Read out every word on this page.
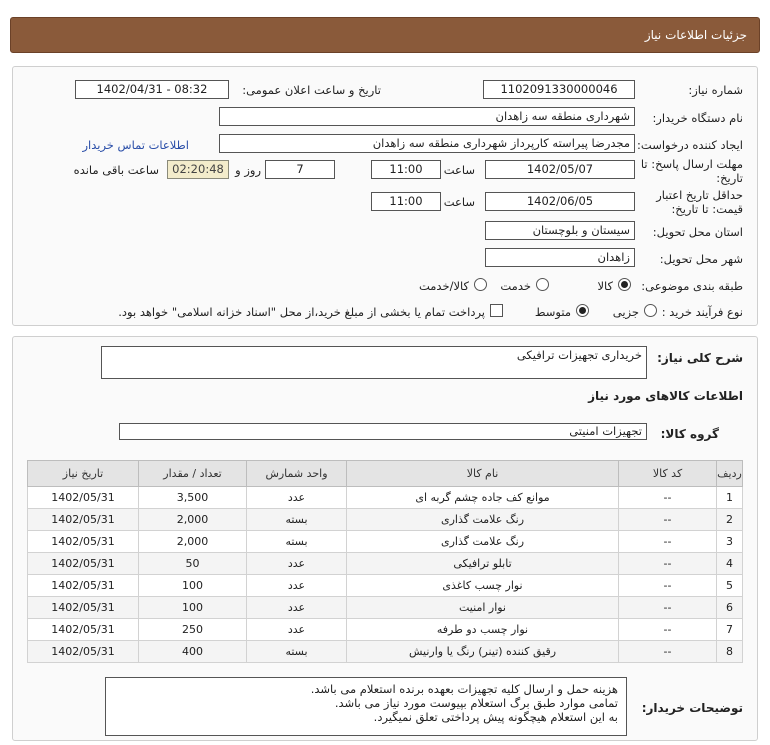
جزئیات اطلاعات نیاز
شماره نیاز:
1102091330000046
تاریخ و ساعت اعلان عمومی:
1402/04/31 - 08:32
نام دستگاه خریدار:
شهرداری منطقه سه زاهدان
ایجاد کننده درخواست:
مجدرضا پیراسته کارپرداز شهرداری منطقه سه زاهدان
اطلاعات تماس خریدار
مهلت ارسال پاسخ: تا
تاریخ:
1402/05/07
ساعت
11:00
7
روز و
02:20:48
ساعت باقی مانده
حداقل تاریخ اعتبار
قیمت: تا تاریخ:
1402/06/05
ساعت
11:00
استان محل تحویل:
سیستان و بلوچستان
شهر محل تحویل:
زاهدان
طبقه بندی موضوعی:
کالا
خدمت
کالا/خدمت
نوع فرآیند خرید :
جزیی
متوسط
پرداخت تمام یا بخشی از مبلغ خرید،از محل "اسناد خزانه اسلامی" خواهد بود.
شرح کلی نیاز:
خریداری تجهیزات ترافیکی
اطلاعات کالاهای مورد نیاز
گروه کالا:
تجهیزات امنیتی
ردیف	کد کالا	نام کالا	واحد شمارش	تعداد / مقدار	تاریخ نیاز
1	--	موانع کف جاده چشم گربه ای	عدد	3,500	1402/05/31
2	--	رنگ علامت گذاری	بسته	2,000	1402/05/31
3	--	رنگ علامت گذاری	بسته	2,000	1402/05/31
4	--	تابلو ترافیکی	عدد	50	1402/05/31
5	--	نوار چسب کاغذی	عدد	100	1402/05/31
6	--	نوار امنیت	عدد	100	1402/05/31
7	--	نوار چسب دو طرفه	عدد	250	1402/05/31
8	--	رقیق کننده (تینر) رنگ یا وارنیش	بسته	400	1402/05/31
توضیحات خریدار:
هزینه حمل و ارسال کلیه تجهیزات بعهده برنده استعلام می باشد.
تمامی موارد طبق برگ استعلام بپیوست مورد نیاز می باشد.
به این استعلام هیچگونه پیش پرداختی تعلق نمیگیرد.
